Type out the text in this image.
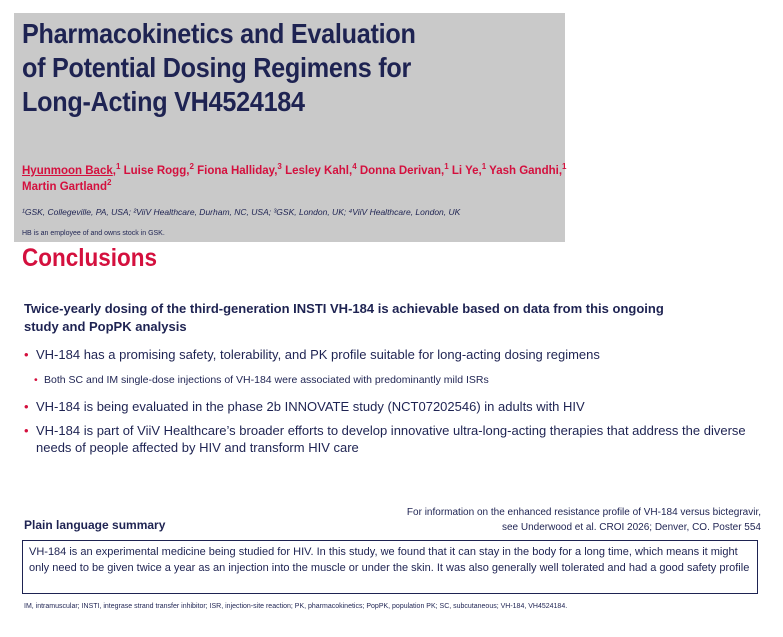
Pharmacokinetics and Evaluation
of Potential Dosing Regimens for
Long-Acting VH4524184
Hyunmoon Back,$^1$ Luise Rogg,$^2$ Fiona Halliday,$^3$ Lesley Kahl,$^4$ Donna Derivan,$^1$ Li Ye,$^1$ Yash Gandhi,$^1$
Martin Gartland$^2$
¹GSK, Collegeville, PA, USA; ²ViiV Healthcare, Durham, NC, USA; ³GSK, London, UK; ⁴ViiV Healthcare, London, UK
HB is an employee of and owns stock in GSK.
Conclusions
Twice-yearly dosing of the third-generation INSTI VH-184 is achievable based on data from this ongoing
study and PopPK analysis
• VH-184 has a promising safety, tolerability, and PK profile suitable for long-acting dosing regimens
• Both SC and IM single-dose injections of VH-184 were associated with predominantly mild ISRs
• VH-184 is being evaluated in the phase 2b INNOVATE study (NCT07202546) in adults with HIV
• VH-184 is part of ViiV Healthcare’s broader efforts to develop innovative ultra-long-acting therapies that address the diverse needs of people affected by HIV and transform HIV care
For information on the enhanced resistance profile of VH-184 versus bictegravir,
see Underwood et al. CROI 2026; Denver, CO. Poster 554
Plain language summary
VH-184 is an experimental medicine being studied for HIV. In this study, we found that it can stay in the body for a long time, which means it might only need to be given twice a year as an injection into the muscle or under the skin. It was also generally well tolerated and had a good safety profile
IM, intramuscular; INSTI, integrase strand transfer inhibitor; ISR, injection-site reaction; PK, pharmacokinetics; PopPK, population PK; SC, subcutaneous; VH-184, VH4524184.
